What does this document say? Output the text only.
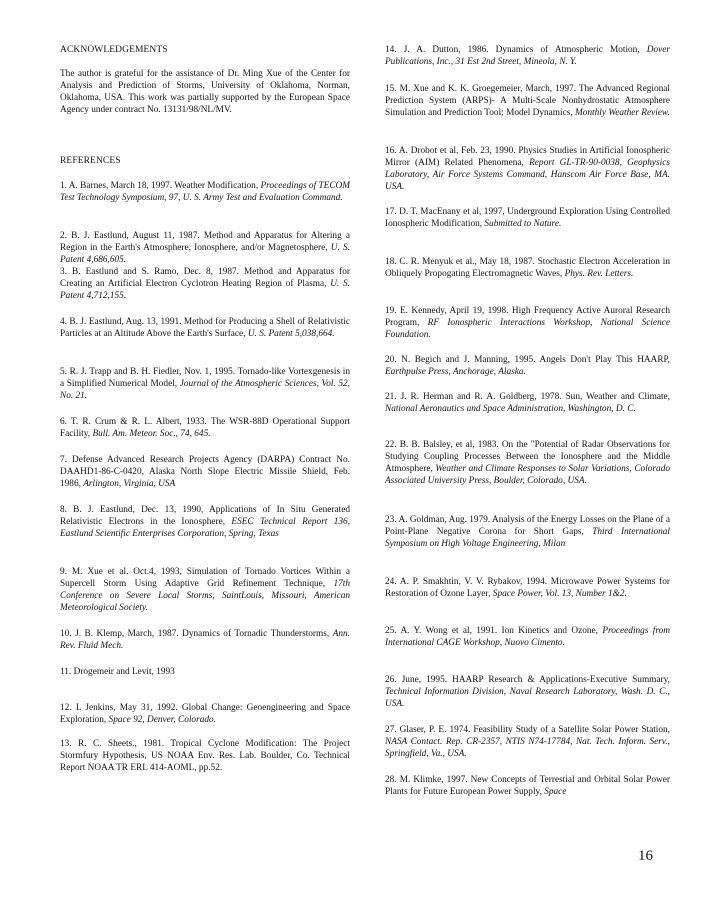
ACKNOWLEDGEMENTS

The author is grateful for the assistance of Dr. Ming Xue of the Center for Analysis and Prediction of Storms, University of Oklahoma, Norman, Oklahoma, USA. This work was partially supported by the European Space Agency under contract No. 13131/98/NL/MV.

REFERENCES

1. A. Barnes, March 18, 1997. Weather Modification, Proceedings of TECOM Test Technology Symposium, 97, U. S. Army Test and Evaluation Command.

2. B. J. Eastlund, August 11, 1987. Method and Apparatus for Altering a Region in the Earth's Atmosphere, Ionosphere, and/or Magnetosphere, U. S. Patent 4,686,605.

3. B. Eastlund and S. Ramo, Dec. 8, 1987. Method and Apparatus for Creating an Artificial Electron Cyclotron Heating Region of Plasma, U. S. Patent 4,712,155.

4. B. J. Eastlund, Aug. 13, 1991. Method for Producing a Shell of Relativistic Particles at an Altitude Above the Earth's Surface, U. S. Patent 5,038,664.

5. R. J. Trapp and B. H. Fiedler, Nov. 1, 1995. Tornado-like Vortexgenesis in a Simplified Numerical Model, Journal of the Atmospheric Sciences, Vol. 52, No. 21.

6. T. R. Crum & R. L. Albert, 1933. The WSR-88D Operational Support Facility, Bull. Am. Meteor. Soc., 74, 645.

7. Defense Advanced Research Projects Agency (DARPA) Contract No. DAAHD1-86-C-0420, Alaska North Slope Electric Missile Shield, Feb. 1986, Arlington, Virginia, USA

8. B. J. Eastlund, Dec. 13, 1990, Applications of In Situ Generated Relativistic Electrons in the Ionosphere, ESEC Technical Report 136, Eastlund Scientific Enterprises Corporation, Spring, Texas

9. M. Xue et al. Oct.4, 1993, Simulation of Tornado Vortices Within a Supercell Storm Using Adaptive Grid Refinement Technique, 17th Conference on Severe Local Storms, SaintLouis, Missouri, American Meteorological Society.

10. J. B. Klemp, March, 1987. Dynamics of Tornadic Thunderstorms, Ann. Rev. Fluid Mech.

11. Drogemeir and Levit, 1993

12. L Jenkins, May 31, 1992. Global Change: Geoengineering and Space Exploration, Space 92, Denver, Colorado.

13. R. C. Sheets., 1981. Tropical Cyclone Modification: The Project Stormfury Hypothesis, US NOAA Env. Res. Lab. Boulder, Co. Technical Report NOAA TR ERL 414-AOML, pp.52.

14. J. A. Dutton, 1986. Dynamics of Atmospheric Motion, Dover Publications, Inc., 31 Est 2nd Street, Mineola, N. Y.

15. M. Xue and K. K. Groegemeier, March, 1997. The Advanced Regional Prediction System (ARPS)- A Multi-Scale Nonhydrostatic Atmosphere Simulation and Prediction Tool; Model Dynamics, Monthly Weather Review.

16. A. Drobot et al, Feb. 23, 1990. Physics Studies in Artificial Ionospheric Mirror (AIM) Related Phenomena, Report GL-TR-90-0038, Geophysics Laboratory, Air Force Systems Command, Hanscom Air Force Base, MA. USA.

17. D. T. MacEnany et al, 1997, Underground Exploration Using Controlled Ionospheric Modification, Submitted to Nature.

18. C. R. Menyuk et al., May 18, 1987. Stochastic Electron Acceleration in Obliquely Propogating Electromagnetic Waves, Phys. Rev. Letters.

19. E. Kennedy, April 19, 1998. High Frequency Active Auroral Research Program, RF Ionospheric Interactions Workshop, National Science Foundation.

20. N. Begich and J. Manning, 1995. Angels Don't Play This HAARP, Earthpulse Press, Anchorage, Alaska.

21. J. R. Herman and R. A. Goldberg, 1978. Sun, Weather and Climate, National Aeronautics and Space Administration, Washington, D. C.

22. B. B. Balsley, et al, 1983. On the "Potential of Radar Observations for Studying Coupling Processes Between the Ionosphere and the Middle Atmosphere, Weather and Climate Responses to Solar Variations, Colorado Associated University Press, Boulder, Colorado, USA.

23. A. Goldman, Aug. 1979. Analysis of the Energy Losses on the Plane of a Point-Plane Negative Corona for Short Gaps, Third International Symposium on High Voltage Engineering, Milan

24. A. P. Smakhtin, V. V. Rybakov, 1994. Microwave Power Systems for Restoration of Ozone Layer, Space Power, Vol. 13, Number 1&2.

25. A. Y. Wong et al, 1991. Ion Kinetics and Ozone, Proceedings from International CAGE Workshop, Nuovo Cimento.

26. June, 1995. HAARP Research & Applications-Executive Summary, Technical Information Division, Naval Research Laboratory, Wash. D. C., USA.

27. Glaser, P. E. 1974. Feasibility Study of a Satellite Solar Power Station, NASA Contact. Rep. CR-2357, NTIS N74-17784, Nat. Tech. Inform. Serv., Springfield, Va., USA.

28. M. Klimke, 1997. New Concepts of Terrestial and Orbital Solar Power Plants for Future European Power Supply, Space

16
